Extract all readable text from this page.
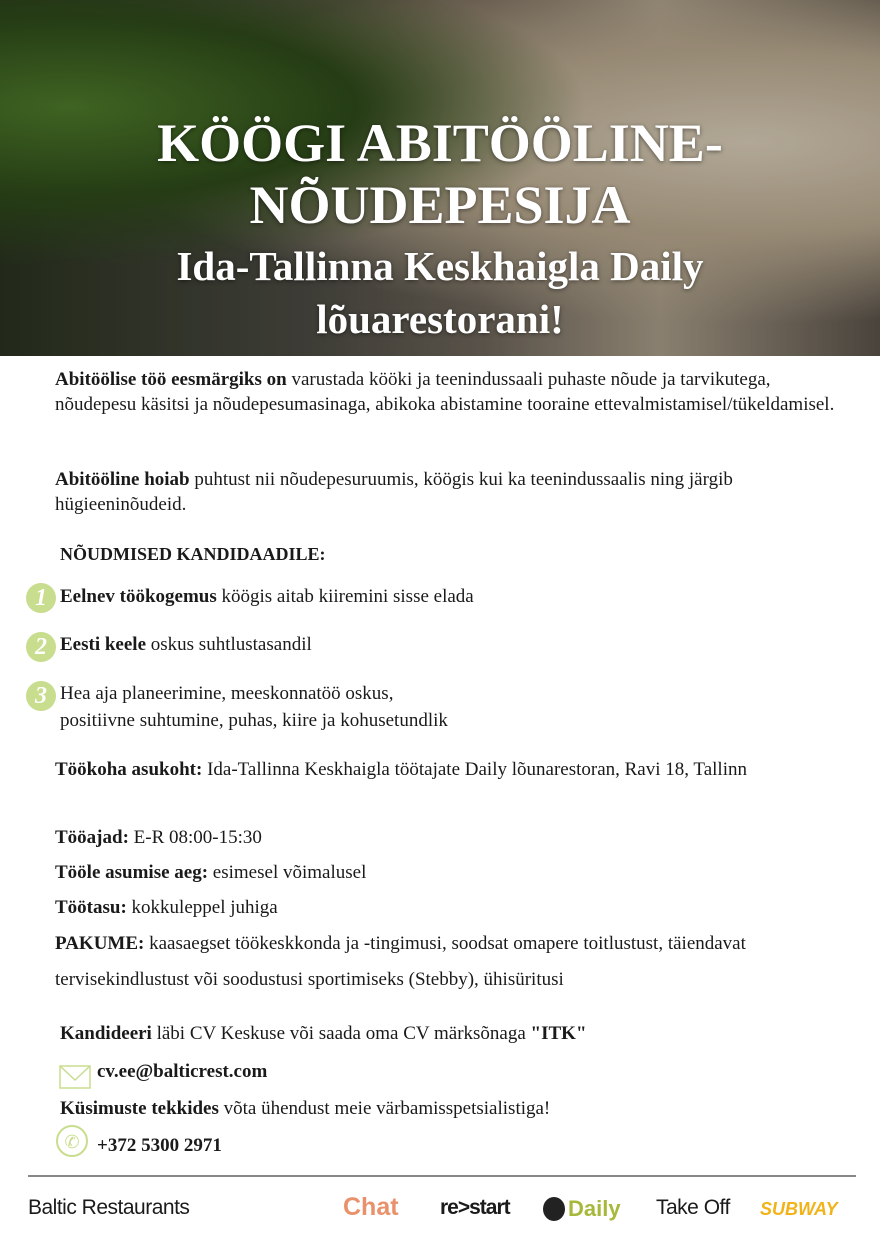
KÖÖGI ABITÖÖLINE-
NÕUDEPESIJA
Ida-Tallinna Keskhaigla Daily
lõuarestorani!
Abitöölise töö eesmärgiks on varustada kööki ja teenindussaali puhaste nõude ja tarvikutega, nõudepesu käsitsi ja nõudepesumasinaga, abikoka abistamine tooraine ettevalmistamisel/tükeldamisel.
Abitööline hoiab puhtust nii nõudepesuruumis, köögis kui ka teenindussaalis ning järgib hügieeninõudeid.
NÕUDMISED KANDIDAADILE:
1 Eelnev töökogemus köögis aitab kiiremini sisse elada
2 Eesti keele oskus suhtlustasandil
3 Hea aja planeerimine, meeskonnatöö oskus,
positiivne suhtumine, puhas, kiire ja kohusetundlik
Töökoha asukoht: Ida-Tallinna Keskhaigla töötajate Daily lõunarestoran, Ravi 18, Tallinn
Tööajad: E-R 08:00-15:30
Tööle asumise aeg: esimesel võimalusel
Töötasu: kokkuleppel juhiga
PAKUME: kaasaegset töökeskkonda ja -tingimusi, soodsat omapere toitlustust, täiendavat tervisekindlustust või soodustusi sportimiseks (Stebby), ühisüritusi
Kandideeri läbi CV Keskuse või saada oma CV märksõnaga "ITK"
cv.ee@balticrest.com
Küsimuste tekkides võta ühendust meie värbamisspetsialistiga!
✆ +372 5300 2971
Baltic Restaurants	Chat re>start	Daily Take Off SUBWAY
